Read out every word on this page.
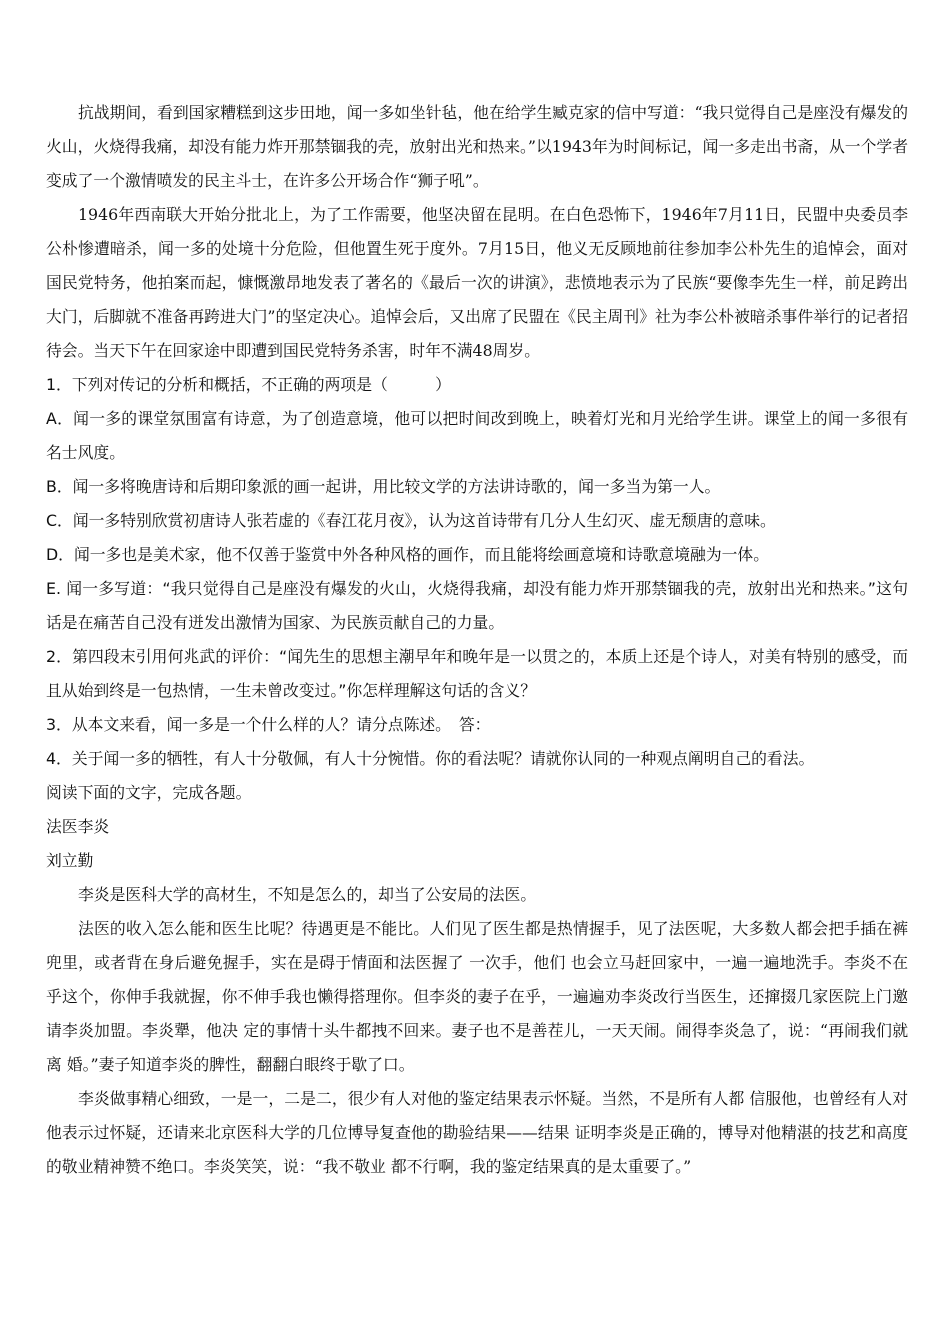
抗战期间，看到国家糟糕到这步田地，闻一多如坐针毡，他在给学生臧克家的信中写道：“我只觉得自己是座没有爆发的火山，火烧得我痛，却没有能力炸开那禁锢我的壳，放射出光和热来。”以1943年为时间标记，闻一多走出书斋，从一个学者变成了一个激情喷发的民主斗士，在许多公开场合作“狮子吼”。

1946年西南联大开始分批北上，为了工作需要，他坚决留在昆明。在白色恐怖下，1946年7月11日，民盟中央委员李公朴惨遭暗杀，闻一多的处境十分危险，但他置生死于度外。7月15日，他义无反顾地前往参加李公朴先生的追悼会，面对国民党特务，他拍案而起，慷慨激昂地发表了著名的《最后一次的讲演》，悲愤地表示为了民族“要像李先生一样，前足跨出大门，后脚就不准备再跨进大门”的坚定决心。追悼会后，又出席了民盟在《民主周刊》社为李公朴被暗杀事件举行的记者招待会。当天下午在回家途中即遭到国民党特务杀害，时年不满48周岁。

1．下列对传记的分析和概括，不正确的两项是（　　　）

A．闻一多的课堂氛围富有诗意，为了创造意境，他可以把时间改到晚上，映着灯光和月光给学生讲。课堂上的闻一多很有名士风度。

B．闻一多将晚唐诗和后期印象派的画一起讲，用比较文学的方法讲诗歌的，闻一多当为第一人。

C．闻一多特别欣赏初唐诗人张若虚的《春江花月夜》，认为这首诗带有几分人生幻灭、虚无颓唐的意味。

D．闻一多也是美术家，他不仅善于鉴赏中外各种风格的画作，而且能将绘画意境和诗歌意境融为一体。

E. 闻一多写道：“我只觉得自己是座没有爆发的火山，火烧得我痛，却没有能力炸开那禁锢我的壳，放射出光和热来。”这句话是在痛苦自己没有迸发出激情为国家、为民族贡献自己的力量。

2．第四段末引用何兆武的评价：“闻先生的思想主潮早年和晚年是一以贯之的，本质上还是个诗人，对美有特别的感受，而且从始到终是一包热情，一生未曾改变过。”你怎样理解这句话的含义？

3．从本文来看，闻一多是一个什么样的人？请分点陈述。　答：

4．关于闻一多的牺牲，有人十分敬佩，有人十分惋惜。你的看法呢？请就你认同的一种观点阐明自己的看法。

阅读下面的文字，完成各题。

法医李炎

刘立勤

李炎是医科大学的高材生，不知是怎么的，却当了公安局的法医。

法医的收入怎么能和医生比呢？待遇更是不能比。人们见了医生都是热情握手，见了法医呢，大多数人都会把手插在裤兜里，或者背在身后避免握手，实在是碍于情面和法医握了 一次手，他们 也会立马赶回家中，一遍一遍地洗手。李炎不在乎这个，你伸手我就握，你不伸手我也懒得搭理你。但李炎的妻子在乎，一遍遍劝李炎改行当医生，还撺掇几家医院上门邀请李炎加盟。李炎犟，他决 定的事情十头牛都拽不回来。妻子也不是善茬儿，一天天闹。闹得李炎急了，说：“再闹我们就离 婚。”妻子知道李炎的脾性，翻翻白眼终于歇了口。

李炎做事精心细致，一是一，二是二，很少有人对他的鉴定结果表示怀疑。当然，不是所有人都 信服他，也曾经有人对他表示过怀疑，还请来北京医科大学的几位博导复查他的勘验结果——结果 证明李炎是正确的，博导对他精湛的技艺和高度的敬业精神赞不绝口。李炎笑笑，说：“我不敬业 都不行啊，我的鉴定结果真的是太重要了。”
